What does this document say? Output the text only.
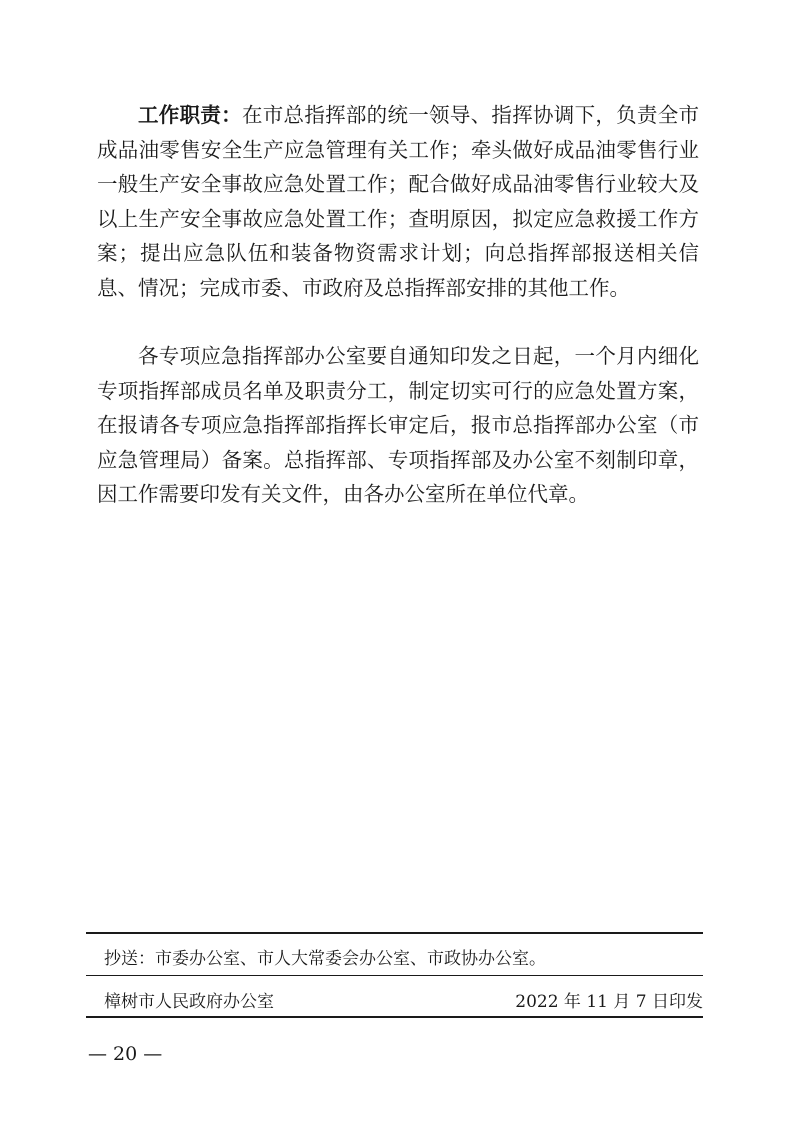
工作职责：在市总指挥部的统一领导、指挥协调下，负责全市成品油零售安全生产应急管理有关工作；牵头做好成品油零售行业一般生产安全事故应急处置工作；配合做好成品油零售行业较大及以上生产安全事故应急处置工作；查明原因，拟定应急救援工作方案；提出应急队伍和装备物资需求计划；向总指挥部报送相关信息、情况；完成市委、市政府及总指挥部安排的其他工作。

各专项应急指挥部办公室要自通知印发之日起，一个月内细化专项指挥部成员名单及职责分工，制定切实可行的应急处置方案，在报请各专项应急指挥部指挥长审定后，报市总指挥部办公室（市应急管理局）备案。总指挥部、专项指挥部及办公室不刻制印章，因工作需要印发有关文件，由各办公室所在单位代章。

抄送：市委办公室、市人大常委会办公室、市政协办公室。
樟树市人民政府办公室	2022 年 11 月 7 日印发
— 20 —
